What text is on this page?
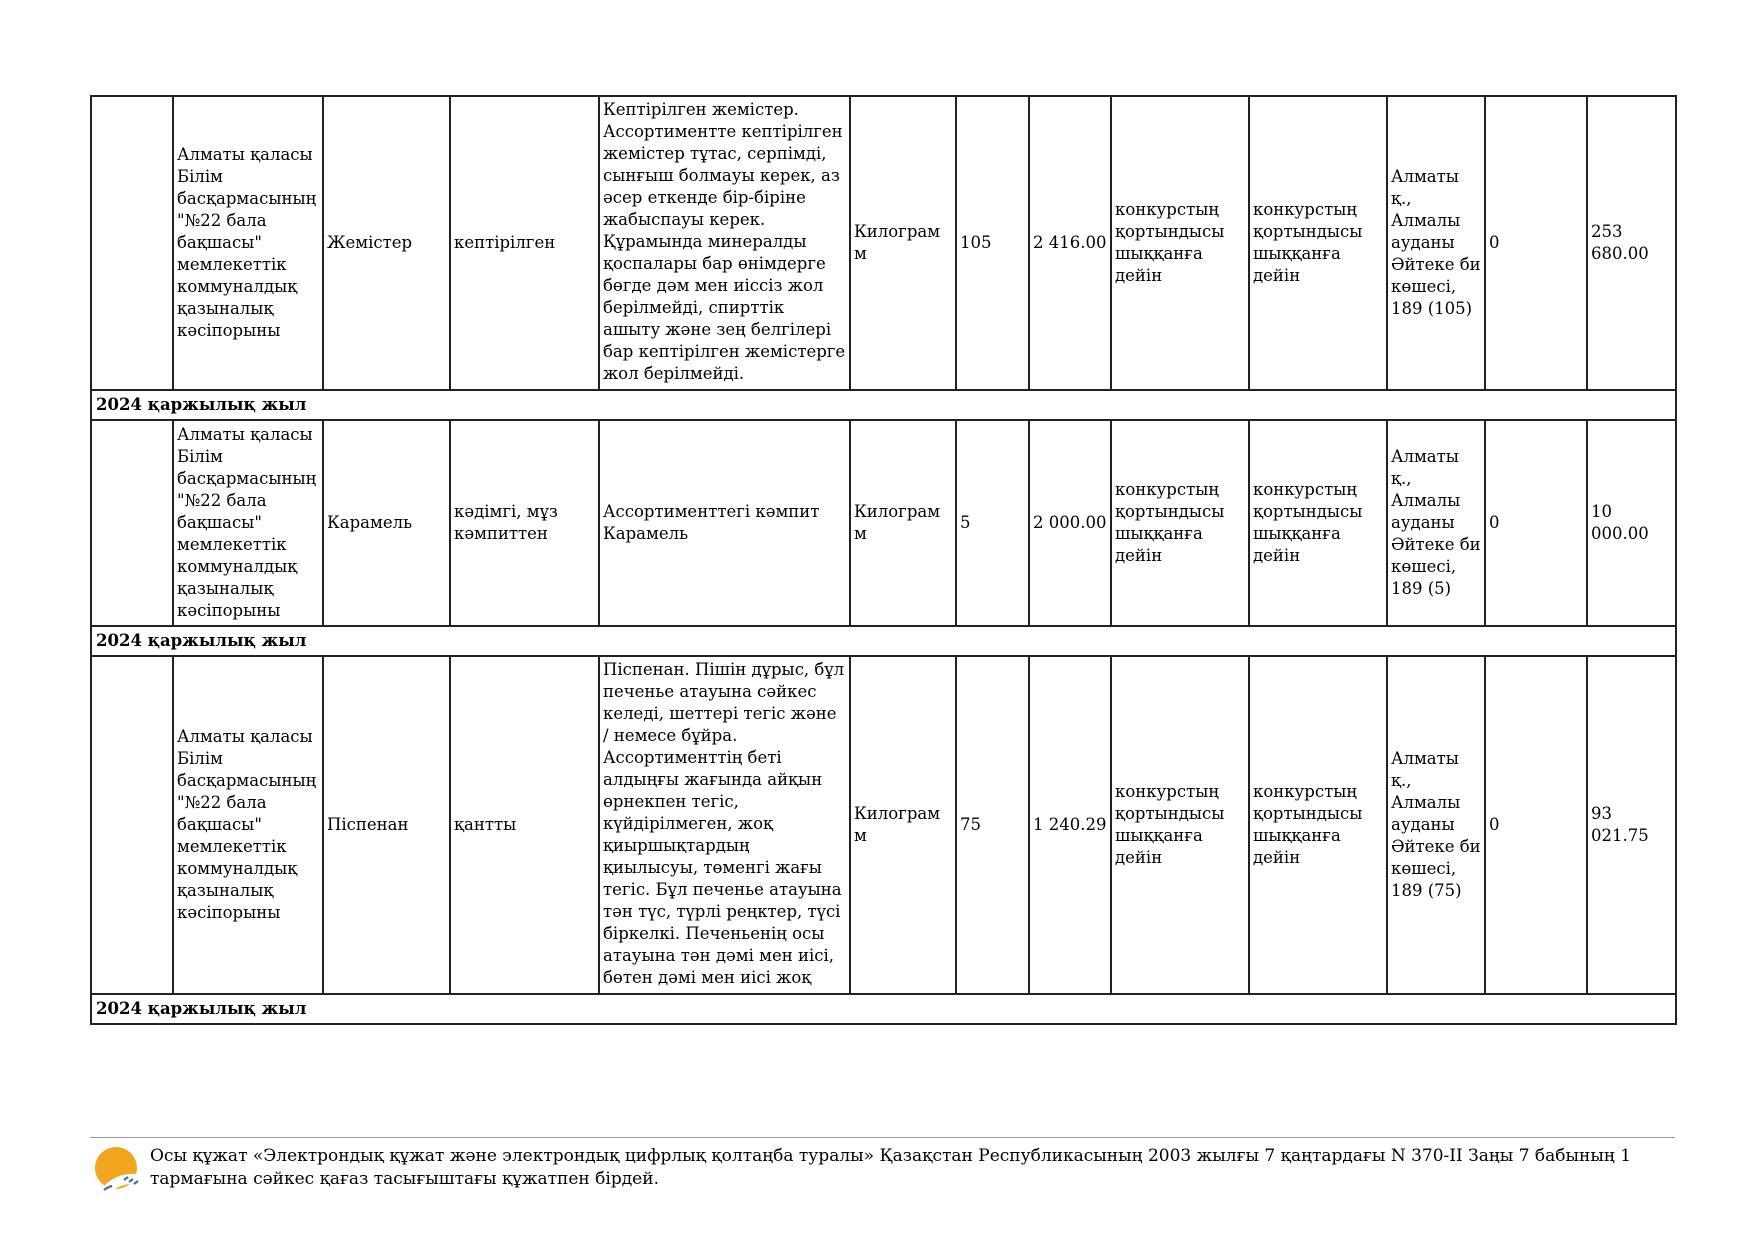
	Алматы қаласы Білім басқармасының "№22 бала бақшасы" мемлекеттік коммуналдық қазыналық кәсіпорыны	Жемістер	кептірілген	Кептірілген жемістер. Ассортиментте кептірілген жемістер тұтас, серпімді, сынғыш болмауы керек, аз әсер еткенде бір-біріне жабыспауы керек. Құрамында минералды қоспалары бар өнімдерге бөгде дәм мен иіссіз жол берілмейді, спирттік ашыту және зең белгілері бар кептірілген жемістерге жол берілмейді.	Килограмм	105	2 416.00	конкурстың қортындысы шыққанға дейін	конкурстың қортындысы шыққанға дейін	Алматы қ., Алмалы ауданы Әйтеке би көшесі, 189 (105)	0	253 680.00
2024 қаржылық жыл												
	Алматы қаласы Білім басқармасының "№22 бала бақшасы" мемлекеттік коммуналдық қазыналық кәсіпорыны	Карамель	кәдімгі, мұз кәмпиттен	Ассортименттегі кәмпит Карамель	Килограмм	5	2 000.00	конкурстың қортындысы шыққанға дейін	конкурстың қортындысы шыққанға дейін	Алматы қ., Алмалы ауданы Әйтеке би көшесі, 189 (5)	0	10 000.00
2024 қаржылық жыл												
	Алматы қаласы Білім басқармасының "№22 бала бақшасы" мемлекеттік коммуналдық қазыналық кәсіпорыны	Піспенан	қантты	Піспенан. Пішін дұрыс, бұл печенье атауына сәйкес келеді, шеттері тегіс және / немесе бұйра. Ассортименттің беті алдыңғы жағында айқын өрнекпен тегіс, күйдірілмеген, жоқ қиыршықтардың қиылысуы, төменгі жағы тегіс. Бұл печенье атауына тән түс, түрлі реңктер, түсі біркелкі. Печеньенің осы атауына тән дәмі мен иісі, бөтен дәмі мен иісі жоқ	Килограмм	75	1 240.29	конкурстың қортындысы шыққанға дейін	конкурстың қортындысы шыққанға дейін	Алматы қ., Алмалы ауданы Әйтеке би көшесі, 189 (75)	0	93 021.75
2024 қаржылық жыл												
Осы құжат «Электрондық құжат және электрондық цифрлық қолтаңба туралы» Қазақстан Республикасының 2003 жылғы 7 қаңтардағы N 370-ІІ Заңы 7 бабының 1 тармағына сәйкес қағаз тасығыштағы құжатпен бірдей.
